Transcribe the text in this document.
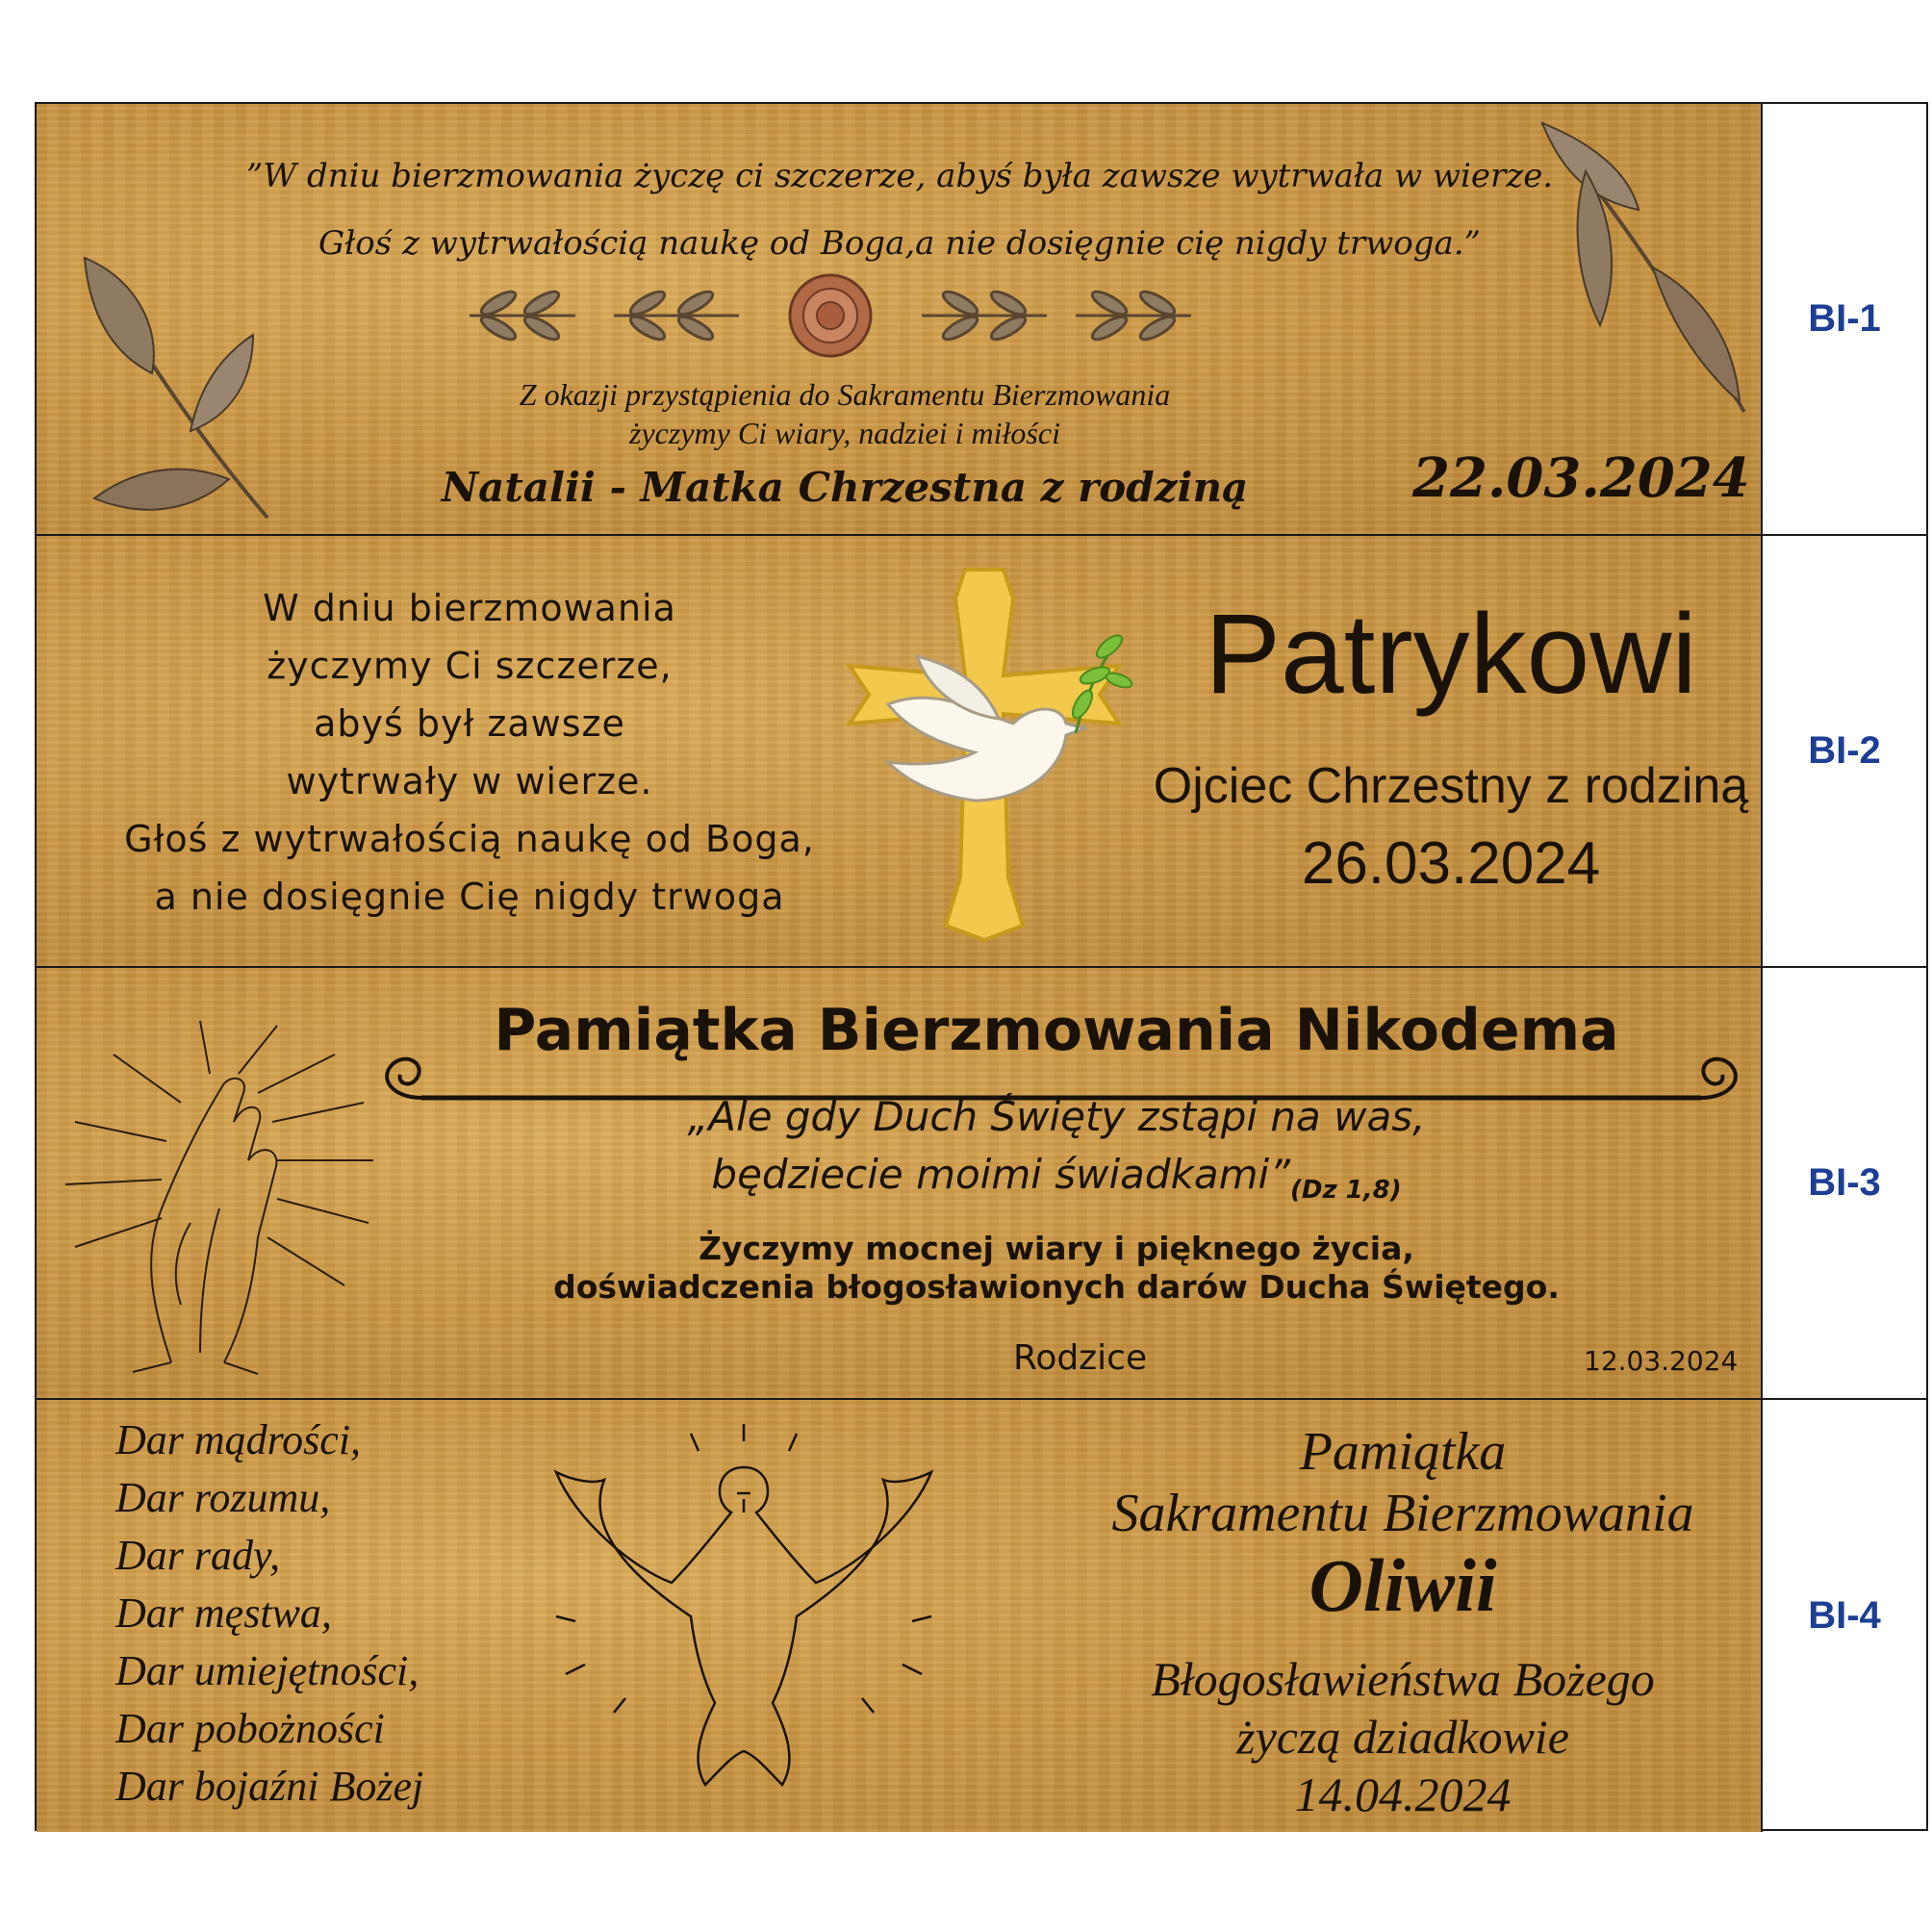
”W dniu bierzmowania życzę ci szczerze, abyś była zawsze wytrwała w wierze.
Głoś z wytrwałością naukę od Boga,a nie dosięgnie cię nigdy trwoga.”
Z okazji przystąpienia do Sakramentu Bierzmowania
życzymy Ci wiary, nadziei i miłości
Natalii - Matka Chrzestna z rodziną	22.03.2024
BI-1
W dniu bierzmowania
życzymy Ci szczerze,
abyś był zawsze
wytrwały w wierze.
Głoś z wytrwałością naukę od Boga,
a nie dosięgnie Cię nigdy trwoga
Patrykowi
Ojciec Chrzestny z rodziną
26.03.2024
BI-2
Pamiątka Bierzmowania Nikodema
„Ale gdy Duch Święty zstąpi na was,
będziecie moimi $świadkami”_{(Dz 1,8)}$
Życzymy mocnej wiary i pięknego życia,
doświadczenia błogosławionych darów Ducha Świętego.
Rodzice	12.03.2024
BI-3
Dar mądrości,
Dar rozumu,
Dar rady,
Dar męstwa,
Dar umiejętności,
Dar pobożności
Dar bojaźni Bożej
Pamiątka
Sakramentu Bierzmowania
Oliwii
Błogosławieństwa Bożego
życzą dziadkowie
14.04.2024
BI-4
